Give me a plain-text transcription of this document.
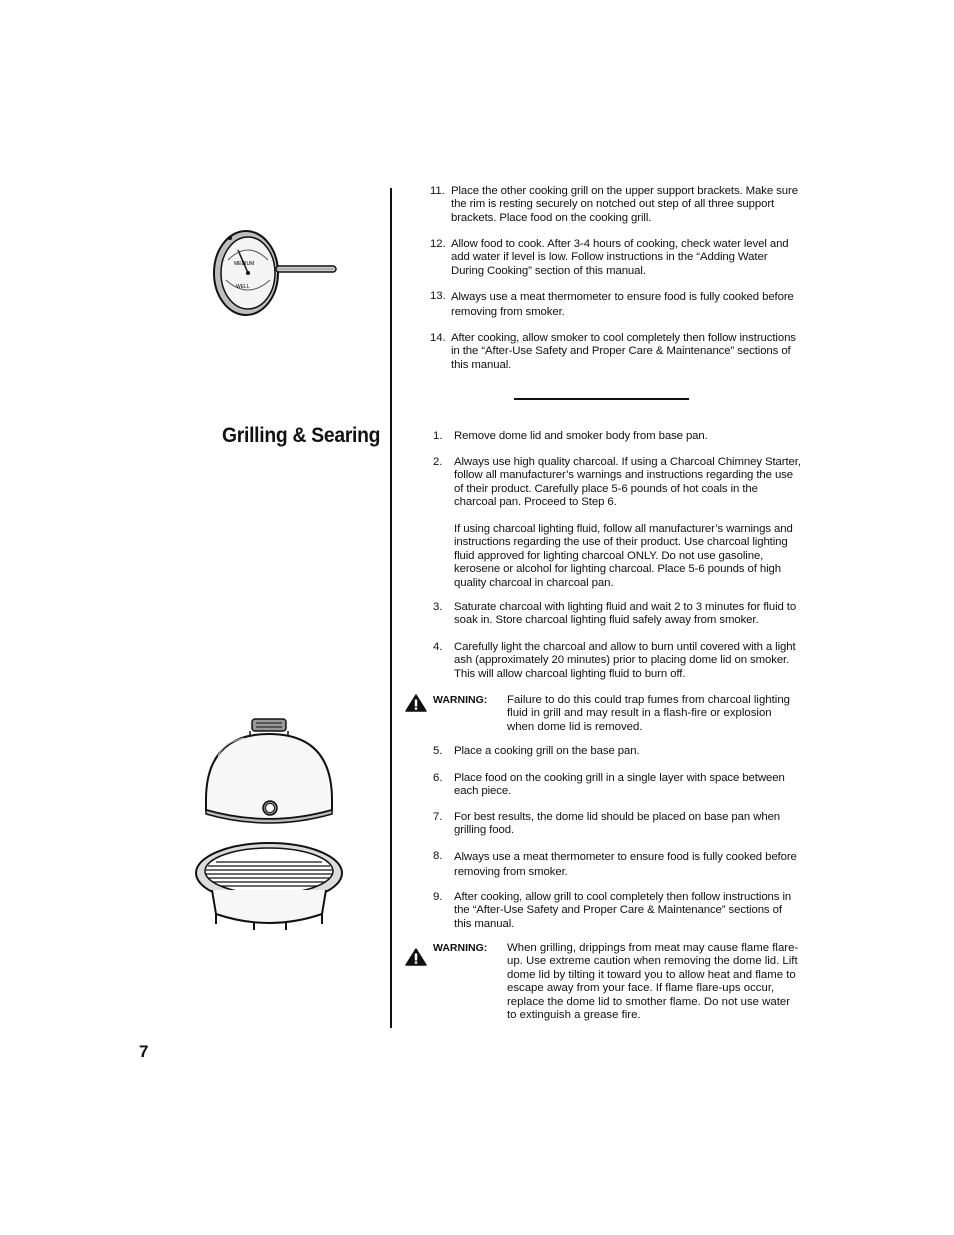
MEDIUM
WELL
11. Place the other cooking grill on the upper support brackets. Make sure the rim is resting securely on notched out step of all three support brackets. Place food on the cooking grill.
12. Allow food to cook. After 3-4 hours of cooking, check water level and add water if level is low. Follow instructions in the “Adding Water During Cooking” section of this manual.
13. Always use a meat thermometer to ensure food is fully cooked before removing from smoker.
14. After cooking, allow smoker to cool completely then follow instructions in the “After-Use Safety and Proper Care & Maintenance” sections of this manual.
Grilling & Searing	1. Remove dome lid and smoker body from base pan.
2. Always use high quality charcoal. If using a Charcoal Chimney Starter, follow all manufacturer’s warnings and instructions regarding the use of their product. Carefully place 5-6 pounds of hot coals in the charcoal pan. Proceed to Step 6.
If using charcoal lighting fluid, follow all manufacturer’s warnings and instructions regarding the use of their product. Use charcoal lighting fluid approved for lighting charcoal ONLY. Do not use gasoline, kerosene or alcohol for lighting charcoal. Place 5-6 pounds of high quality charcoal in charcoal pan.
3. Saturate charcoal with lighting fluid and wait 2 to 3 minutes for fluid to soak in. Store charcoal lighting fluid safely away from smoker.
4. Carefully light the charcoal and allow to burn until covered with a light ash (approximately 20 minutes) prior to placing dome lid on smoker. This will allow charcoal lighting fluid to burn off.
5. Place a cooking grill on the base pan.
6. Place food on the cooking grill in a single layer with space between each piece.
7. For best results, the dome lid should be placed on base pan when grilling food.
8. Always use a meat thermometer to ensure food is fully cooked before removing from smoker.
9. After cooking, allow grill to cool completely then follow instructions in the “After-Use Safety and Proper Care & Maintenance” sections of this manual.
WARNING: Failure to do this could trap fumes from charcoal lighting fluid in grill and may result in a flash-fire or explosion when dome lid is removed.
WARNING: When grilling, drippings from meat may cause flame flare-up. Use extreme caution when removing the dome lid. Lift dome lid by tilting it toward you to allow heat and flame to escape away from your face. If flame flare-ups occur, replace the dome lid to smother flame. Do not use water to extinguish a grease fire.
7
